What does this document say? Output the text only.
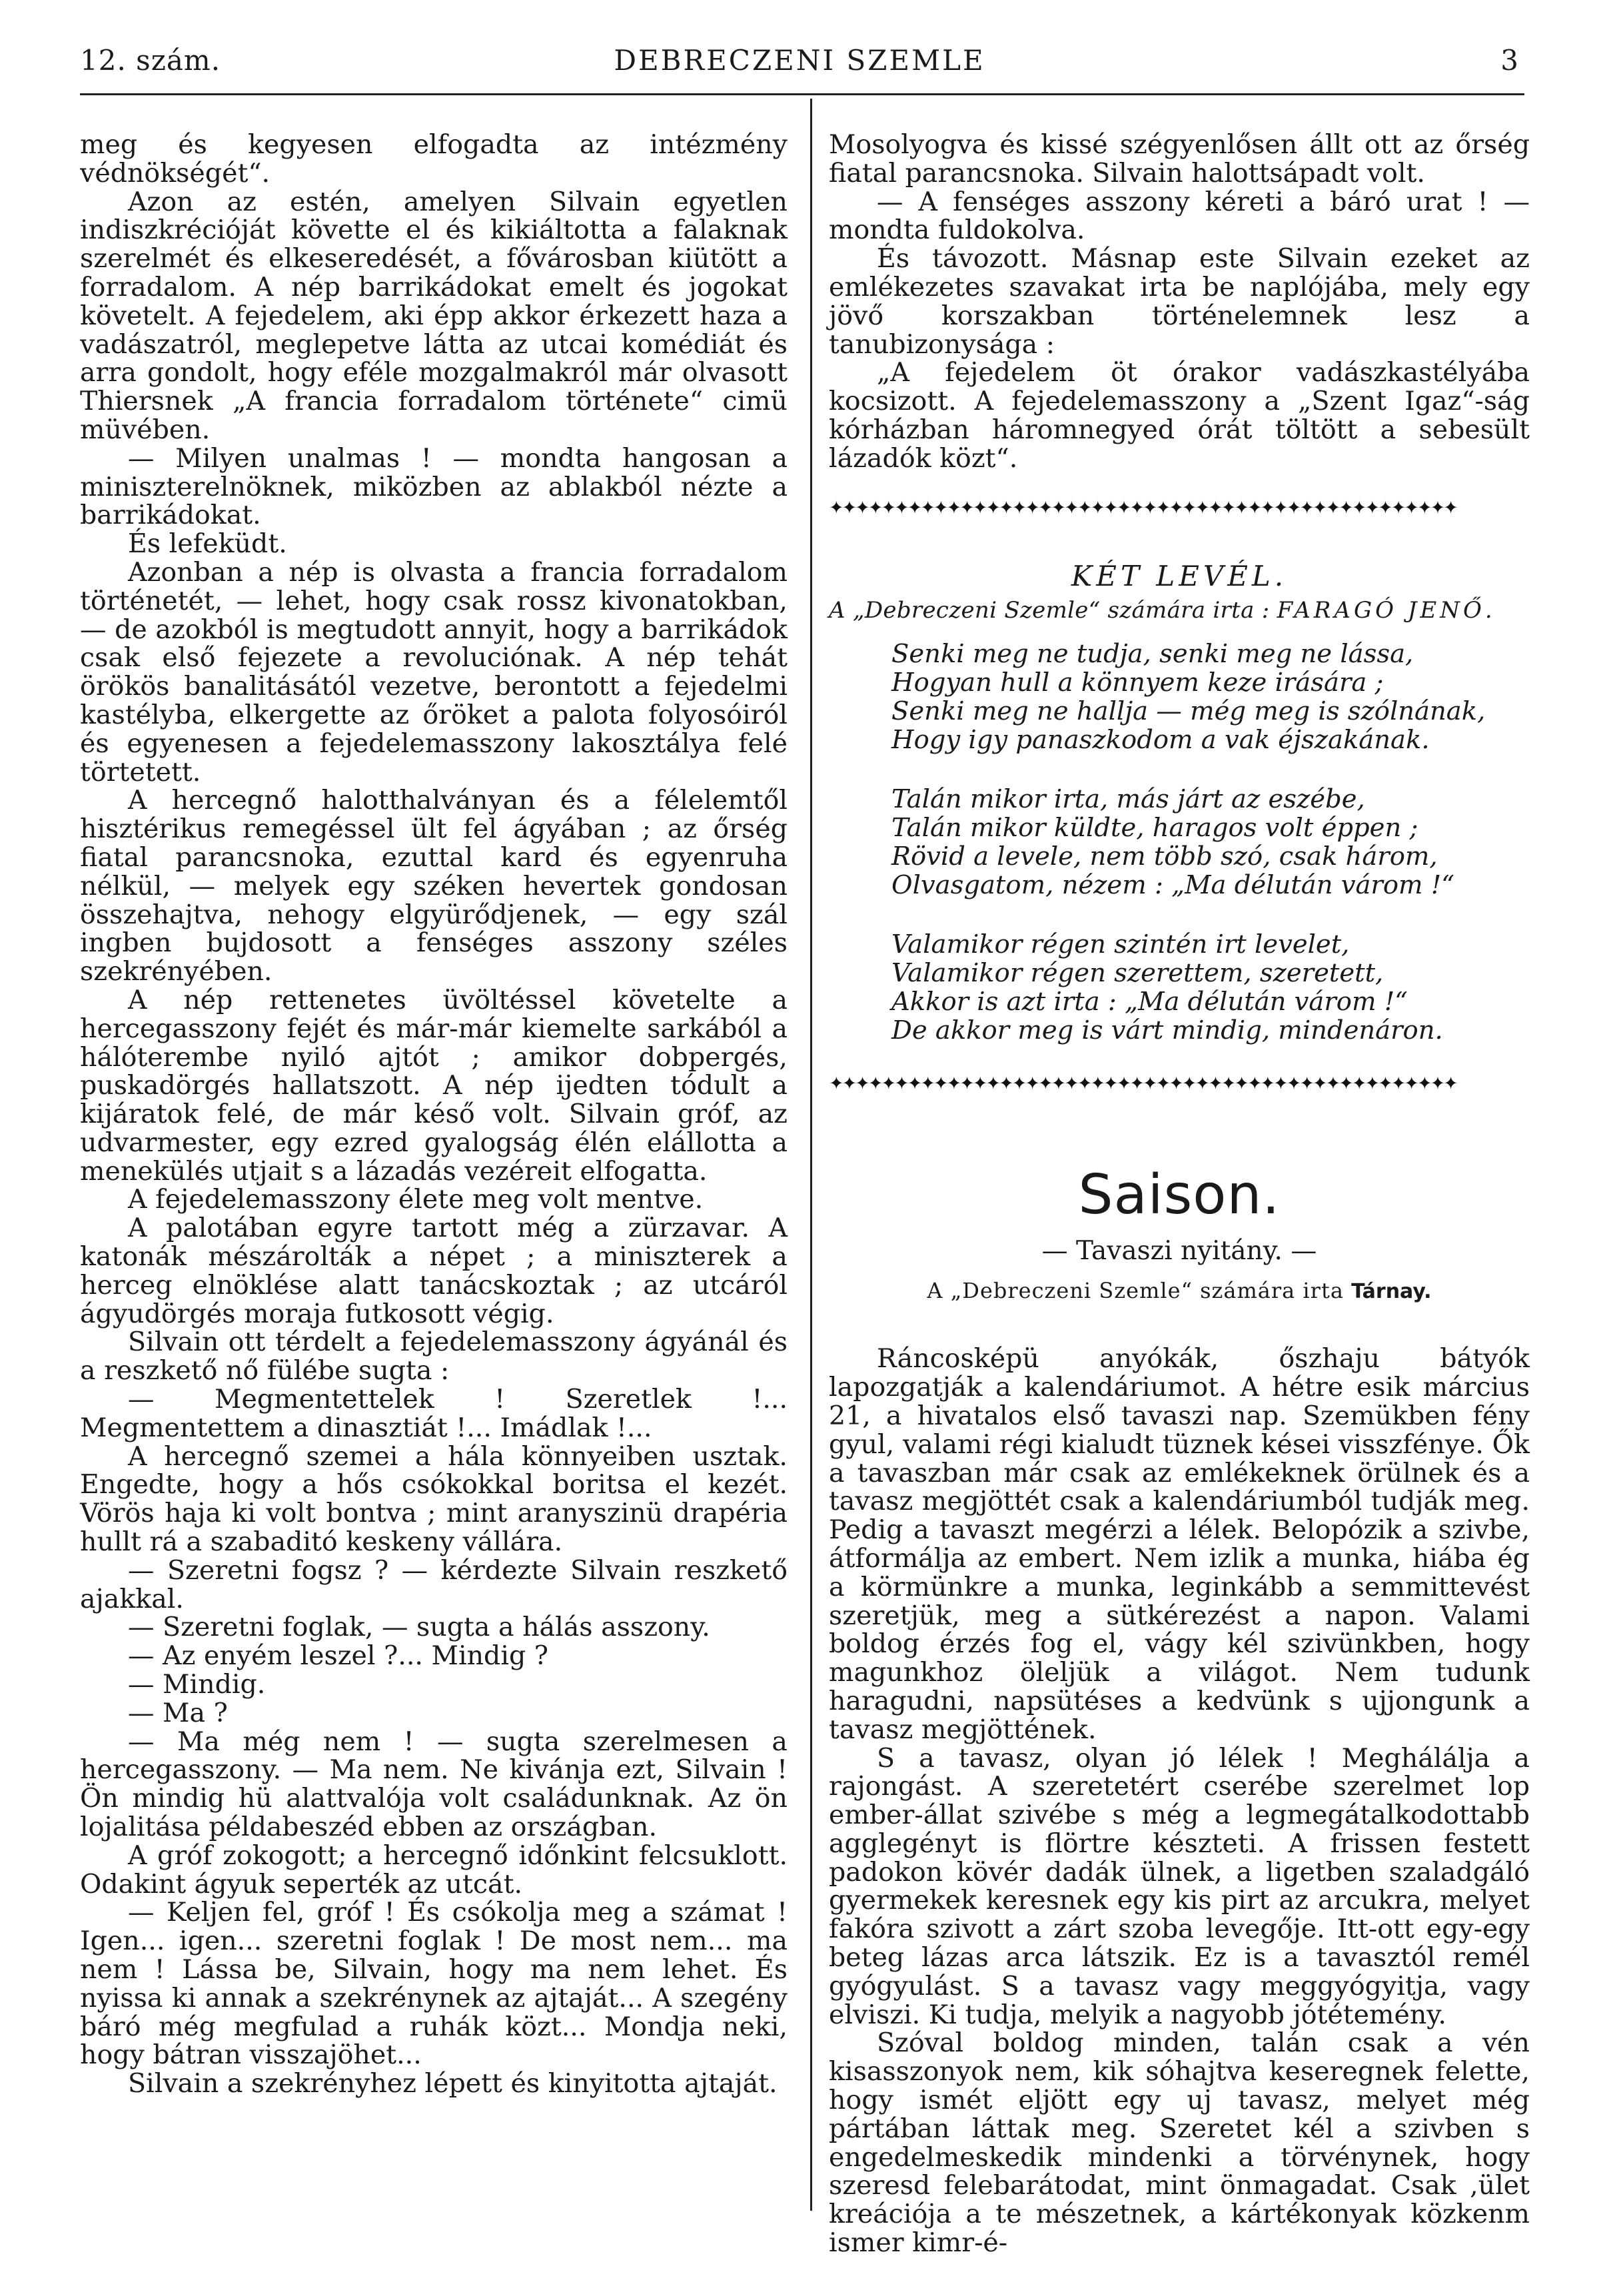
12. szám.	DEBRECZENI SZEMLE	3

meg és kegyesen elfogadta az intézmény védnökségét“.

Azon az estén, amelyen Silvain egyetlen indiszkrécióját követte el és kikiáltotta a falaknak szerelmét és elkeseredését, a fővárosban kiütött a forradalom. A nép barrikádokat emelt és jogokat követelt. A fejedelem, aki épp akkor érkezett haza a vadászatról, meglepetve látta az utcai komédiát és arra gondolt, hogy eféle mozgalmakról már olvasott Thiersnek „A francia forradalom története“ cimü müvében.

— Milyen unalmas ! — mondta hangosan a miniszterelnöknek, miközben az ablakból nézte a barrikádokat.

És lefeküdt.

Azonban a nép is olvasta a francia forradalom történetét, — lehet, hogy csak rossz kivonatokban, — de azokból is megtudott annyit, hogy a barrikádok csak első fejezete a revoluciónak. A nép tehát örökös banalitásától vezetve, berontott a fejedelmi kastélyba, elkergette az őröket a palota folyosóiról és egyenesen a fejedelemasszony lakosztálya felé törtetett.

A hercegnő halotthalványan és a félelemtől hisztérikus remegéssel ült fel ágyában ; az őrség fiatal parancsnoka, ezuttal kard és egyenruha nélkül, — melyek egy széken hevertek gondosan összehajtva, nehogy elgyürődjenek, — egy szál ingben bujdosott a fenséges asszony széles szekrényében.

A nép rettenetes üvöltéssel követelte a hercegasszony fejét és már-már kiemelte sarkából a hálóterembe nyiló ajtót ; amikor dobpergés, puskadörgés hallatszott. A nép ijedten tódult a kijáratok felé, de már késő volt. Silvain gróf, az udvarmester, egy ezred gyalogság élén elállotta a menekülés utjait s a lázadás vezéreit elfogatta.

A fejedelemasszony élete meg volt mentve.

A palotában egyre tartott még a zürzavar. A katonák mészárolták a népet ; a miniszterek a herceg elnöklése alatt tanácskoztak ; az utcáról ágyudörgés moraja futkosott végig.

Silvain ott térdelt a fejedelemasszony ágyánál és a reszkető nő fülébe sugta :

— Megmentettelek ! Szeretlek !... Megmentettem a dinasztiát !... Imádlak !...

A hercegnő szemei a hála könnyeiben usztak. Engedte, hogy a hős csókokkal boritsa el kezét. Vörös haja ki volt bontva ; mint aranyszinü drapéria hullt rá a szabaditó keskeny vállára.

— Szeretni fogsz ? — kérdezte Silvain reszkető ajakkal.

— Szeretni foglak, — sugta a hálás asszony.

— Az enyém leszel ?... Mindig ?

— Mindig.

— Ma ?

— Ma még nem ! — sugta szerelmesen a hercegasszony. — Ma nem. Ne kivánja ezt, Silvain ! Ön mindig hü alattvalója volt családunknak. Az ön lojalitása példabeszéd ebben az országban.

A gróf zokogott; a hercegnő időnkint felcsuklott. Odakint ágyuk seperték az utcát.

— Keljen fel, gróf ! És csókolja meg a számat ! Igen... igen... szeretni foglak ! De most nem... ma nem ! Lássa be, Silvain, hogy ma nem lehet. És nyissa ki annak a szekrénynek az ajtaját... A szegény báró még megfulad a ruhák közt... Mondja neki, hogy bátran visszajöhet...

Silvain a szekrényhez lépett és kinyitotta ajtaját.

Mosolyogva és kissé szégyenlősen állt ott az őrség fiatal parancsnoka. Silvain halottsápadt volt.

— A fenséges asszony kéreti a báró urat ! — mondta fuldokolva.

És távozott. Másnap este Silvain ezeket az emlékezetes szavakat irta be naplójába, mely egy jövő korszakban történelemnek lesz a tanubizonysága :

„A fejedelem öt órakor vadászkastélyába kocsizott. A fejedelemasszony a „Szent Igaz“-ság kórházban háromnegyed órát töltött a sebesült lázadók közt“.

✦✦✦✦✦✦✦✦✦✦✦✦✦✦✦✦✦✦✦✦✦✦✦✦✦✦✦✦✦✦✦✦✦✦✦✦✦✦✦✦✦✦✦✦✦✦✦✦
KÉT LEVÉL.
A „Debreczeni Szemle“ számára irta : FARAGÓ JENŐ.
Senki meg ne tudja, senki meg ne lássa,
Hogyan hull a könnyem keze irására ;
Senki meg ne hallja — még meg is szólnának,
Hogy igy panaszkodom a vak éjszakának.
Talán mikor irta, más járt az eszébe,
Talán mikor küldte, haragos volt éppen ;
Rövid a levele, nem több szó, csak három,
Olvasgatom, nézem : „Ma délután várom !“
Valamikor régen szintén irt levelet,
Valamikor régen szerettem, szeretett,
Akkor is azt irta : „Ma délután várom !“
De akkor meg is várt mindig, mindenáron.
✦✦✦✦✦✦✦✦✦✦✦✦✦✦✦✦✦✦✦✦✦✦✦✦✦✦✦✦✦✦✦✦✦✦✦✦✦✦✦✦✦✦✦✦✦✦✦✦
Saison.
— Tavaszi nyitány. —
A „Debreczeni Szemle“ számára irta Tárnay.

Ráncosképü anyókák, őszhaju bátyók lapozgatják a kalendáriumot. A hétre esik március 21, a hivatalos első tavaszi nap. Szemükben fény gyul, valami régi kialudt tüznek kései visszfénye. Ők a tavaszban már csak az emlékeknek örülnek és a tavasz megjöttét csak a kalendáriumból tudják meg. Pedig a tavaszt megérzi a lélek. Belopózik a szivbe, átformálja az embert. Nem izlik a munka, hiába ég a körmünkre a munka, leginkább a semmittevést szeretjük, meg a sütkérezést a napon. Valami boldog érzés fog el, vágy kél szivünkben, hogy magunkhoz öleljük a világot. Nem tudunk haragudni, napsütéses a kedvünk s ujjongunk a tavasz megjöttének.

S a tavasz, olyan jó lélek ! Meghálálja a rajongást. A szeretetért cserébe szerelmet lop ember-állat szivébe s még a legmegátalkodottabb agglegényt is flörtre készteti. A frissen festett padokon kövér dadák ülnek, a ligetben szaladgáló gyermekek keresnek egy kis pirt az arcukra, melyet fakóra szivott a zárt szoba levegője. Itt-ott egy-egy beteg lázas arca látszik. Ez is a tavasztól remél gyógyulást. S a tavasz vagy meggyógyitja, vagy elviszi. Ki tudja, melyik a nagyobb jótétemény.

Szóval boldog minden, talán csak a vén kisasszonyok nem, kik sóhajtva keseregnek felette, hogy ismét eljött egy uj tavasz, melyet még pártában láttak meg. Szeretet kél a szivben s engedelmeskedik mindenki a törvénynek, hogy szeresd felebarátodat, mint önmagadat. Csak ,ület kreációja a te mészetnek, a kártékonyak közkenm ismer kimr-é-
